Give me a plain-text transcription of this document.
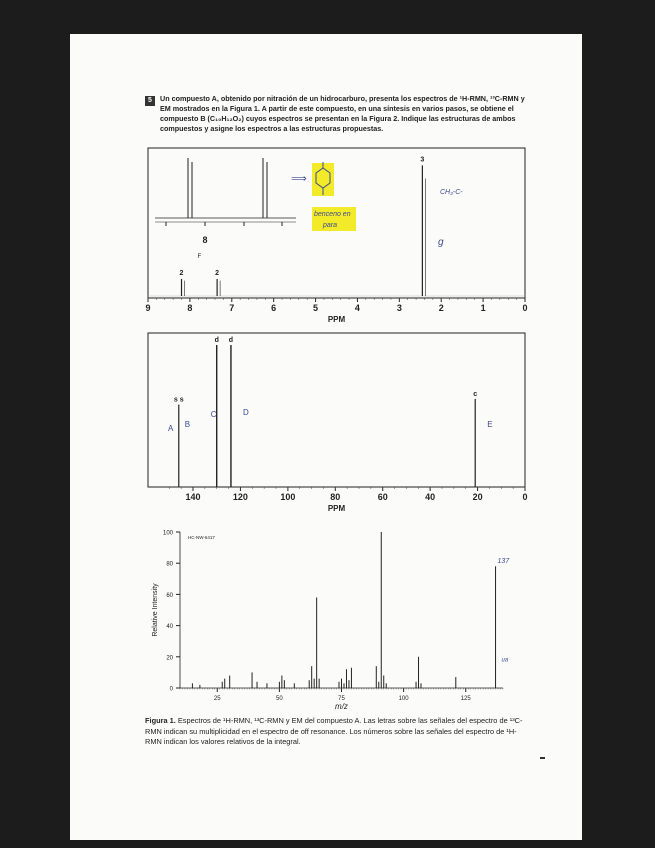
5	Un compuesto A, obtenido por nitración de un hidrocarburo, presenta los espectros de ¹H-RMN, ¹³C-RMN y EM mostrados en la Figura 1. A partir de este compuesto, en una síntesis en varios pasos, se obtiene el compuesto B (C₁₀H₁₂O₂) cuyos espectros se presentan en la Figura 2. Indique las estructuras de ambos compuestos y asigne los espectros a las estructuras propuestas.

9	8	7	6	5	4	3	2	1	0
PPM
2	2
3
F
8
⟹
benceno en
para
CH₃-C-
g
140	120	100	80	60	40	20	0
PPM
s s
d d
c
A B
C	D
E
0
20
40
60
80
100
25	50	75	100	125
m/z
Relative Intensity
HC-NW-6417
137
ua

Figura 1. Espectros de ¹H-RMN, ¹³C-RMN y EM del compuesto A. Las letras sobre las señales del espectro de ¹³C-RMN indican su multiplicidad en el espectro de off resonance. Los números sobre las señales del espectro de ¹H-RMN indican los valores relativos de la integral.
